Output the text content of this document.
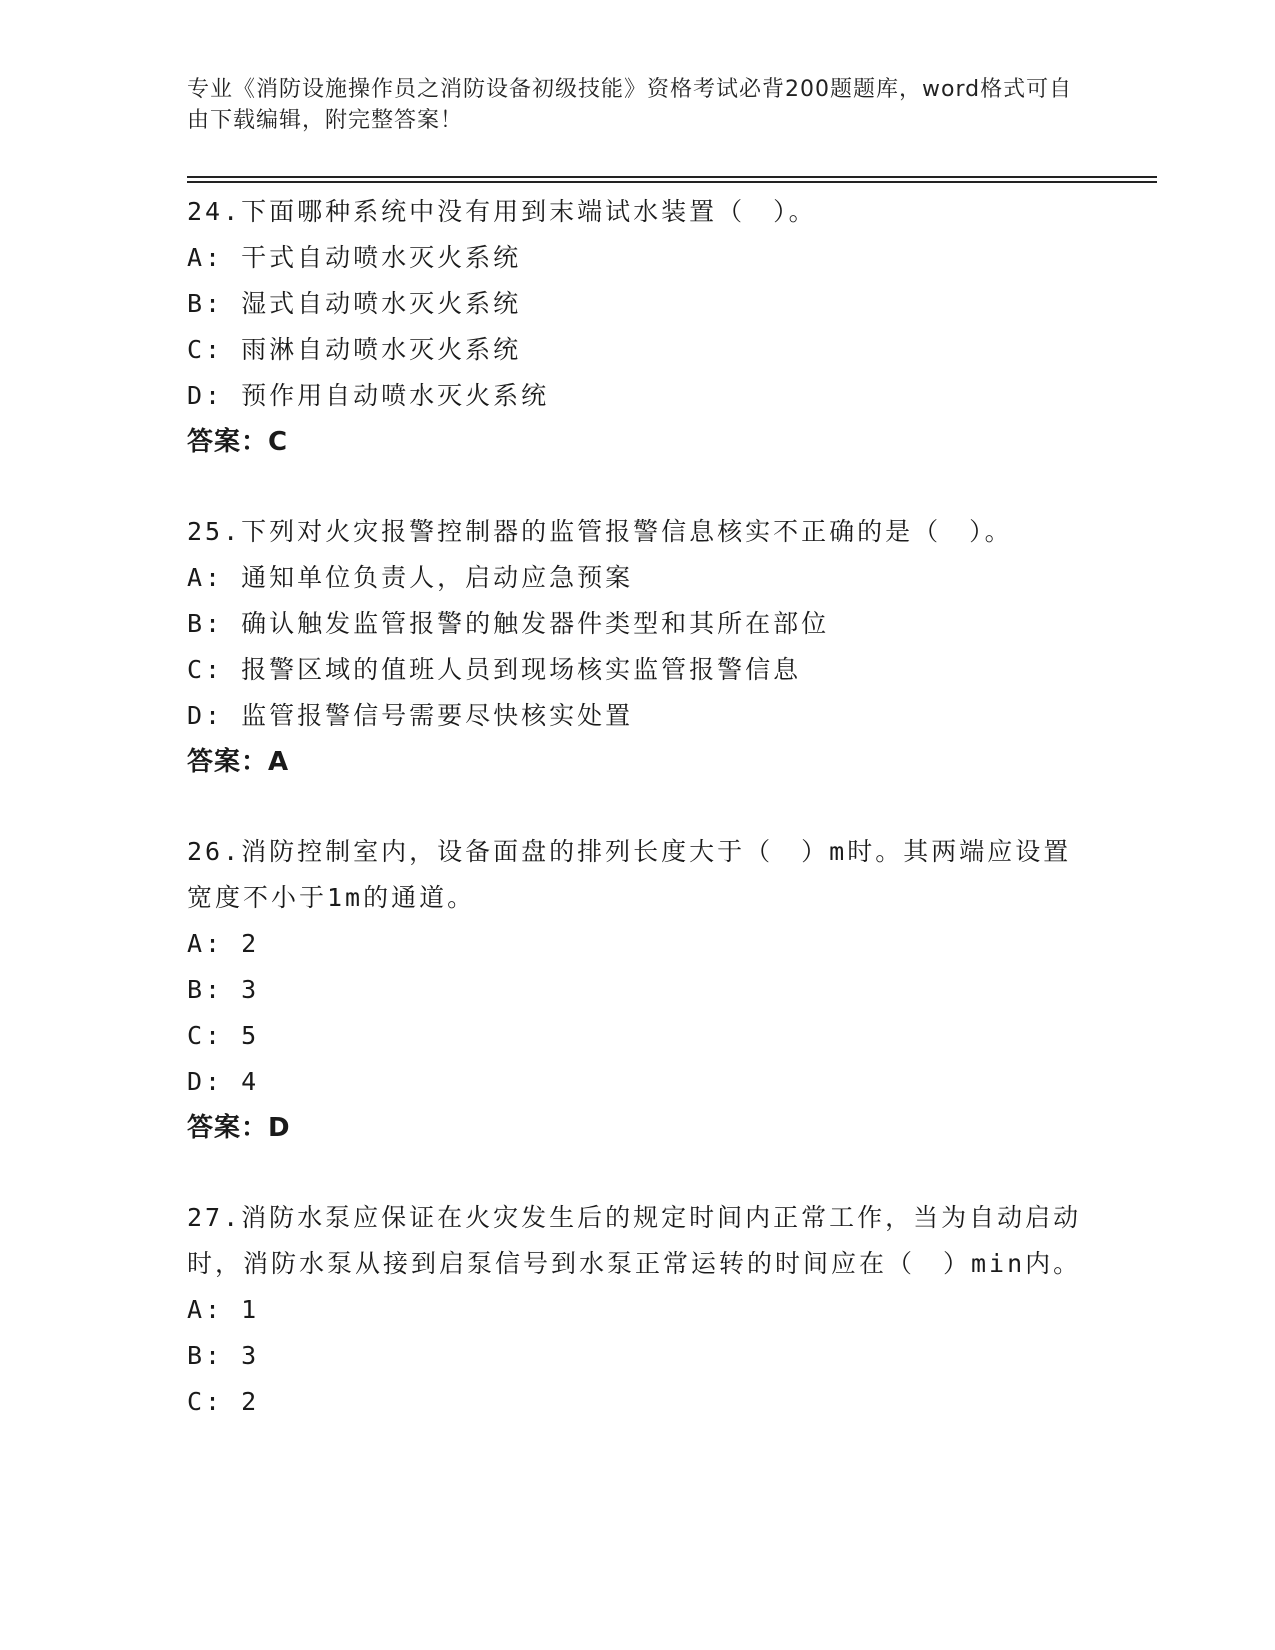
专业《消防设施操作员之消防设备初级技能》资格考试必背200题题库，word格式可自由下载编辑，附完整答案！

24.下面哪种系统中没有用到末端试水装置（　）。

A: 干式自动喷水灭火系统

B: 湿式自动喷水灭火系统

C: 雨淋自动喷水灭火系统

D: 预作用自动喷水灭火系统

答案：C

25.下列对火灾报警控制器的监管报警信息核实不正确的是（　）。

A: 通知单位负责人，启动应急预案

B: 确认触发监管报警的触发器件类型和其所在部位

C: 报警区域的值班人员到现场核实监管报警信息

D: 监管报警信号需要尽快核实处置

答案：A

26.消防控制室内，设备面盘的排列长度大于（　）m时。其两端应设置宽度不小于1m的通道。

A: 2

B: 3

C: 5

D: 4

答案：D

27.消防水泵应保证在火灾发生后的规定时间内正常工作，当为自动启动时，消防水泵从接到启泵信号到水泵正常运转的时间应在（　）min内。

A: 1

B: 3

C: 2
